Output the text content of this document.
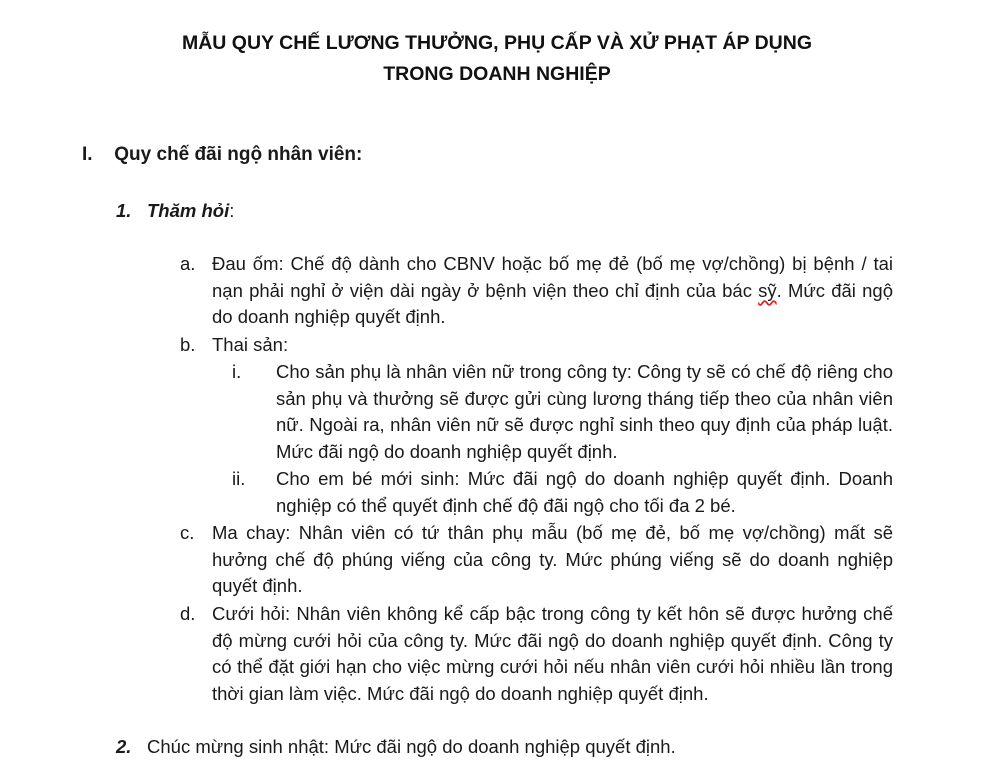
MẪU QUY CHẾ LƯƠNG THƯỞNG, PHỤ CẤP VÀ XỬ PHẠT ÁP DỤNG
TRONG DOANH NGHIỆP
I. Quy chế đãi ngộ nhân viên:
1. Thăm hỏi:
a. Đau ốm: Chế độ dành cho CBNV hoặc bố mẹ đẻ (bố mẹ vợ/chồng) bị bệnh / tai nạn phải nghỉ ở viện dài ngày ở bệnh viện theo chỉ định của bác sỹ. Mức đãi ngộ do doanh nghiệp quyết định.
b. Thai sản:
i. Cho sản phụ là nhân viên nữ trong công ty: Công ty sẽ có chế độ riêng cho sản phụ và thưởng sẽ được gửi cùng lương tháng tiếp theo của nhân viên nữ. Ngoài ra, nhân viên nữ sẽ được nghỉ sinh theo quy định của pháp luật. Mức đãi ngộ do doanh nghiệp quyết định.
ii. Cho em bé mới sinh: Mức đãi ngộ do doanh nghiệp quyết định. Doanh nghiệp có thể quyết định chế độ đãi ngộ cho tối đa 2 bé.
c. Ma chay: Nhân viên có tứ thân phụ mẫu (bố mẹ đẻ, bố mẹ vợ/chồng) mất sẽ hưởng chế độ phúng viếng của công ty. Mức phúng viếng sẽ do doanh nghiệp quyết định.
d. Cưới hỏi: Nhân viên không kể cấp bậc trong công ty kết hôn sẽ được hưởng chế độ mừng cưới hỏi của công ty. Mức đãi ngộ do doanh nghiệp quyết định. Công ty có thể đặt giới hạn cho việc mừng cưới hỏi nếu nhân viên cưới hỏi nhiều lần trong thời gian làm việc. Mức đãi ngộ do doanh nghiệp quyết định.
2. Chúc mừng sinh nhật: Mức đãi ngộ do doanh nghiệp quyết định.
